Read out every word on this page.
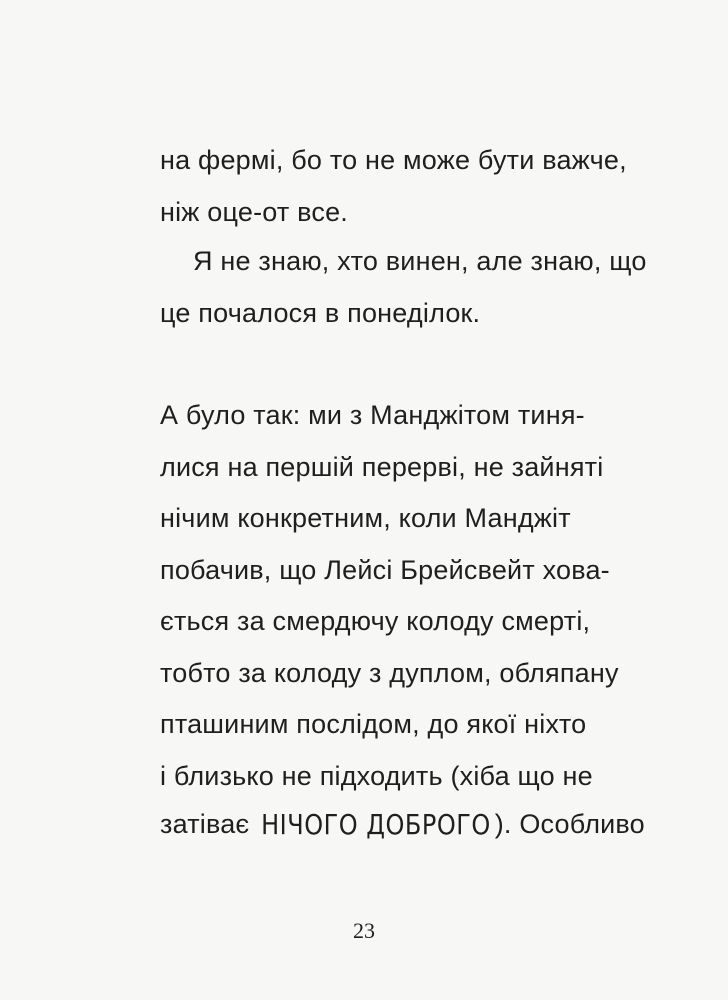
на фермі, бо то не може бути важче,
ніж оце-от все.
Я не знаю, хто винен, але знаю, що
це почалося в понеділок.
А було так: ми з Манджітом тиня-
лися на першій перерві, не зайняті
нічим конкретним, коли Манджіт
побачив, що Лейсі Брейсвейт хова-
ється за смердючу колоду смерті,
тобто за колоду з дуплом, обляпану
пташиним послідом, до якої ніхто
і близько не підходить (хіба що не
затіває НІЧОГО ДОБРОГО ). Особливо
23
